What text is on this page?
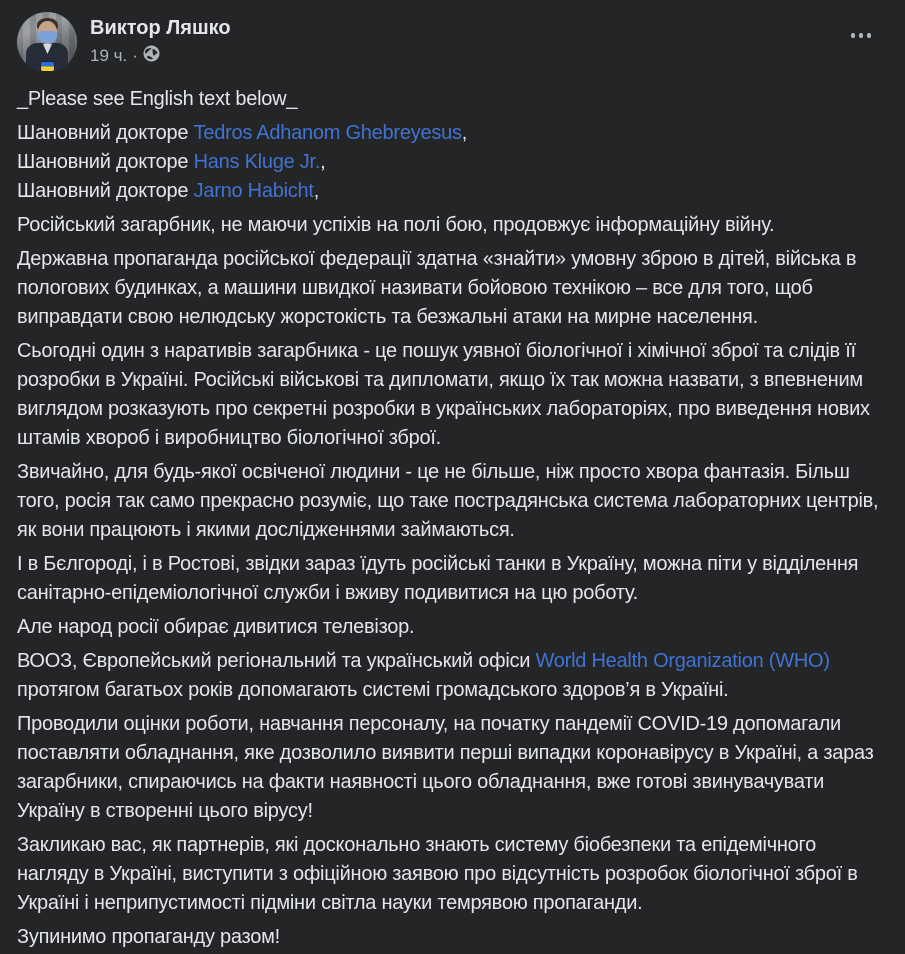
Виктор Ляшко
19 ч. ·

_Please see English text below_

Шановний докторе Tedros Adhanom Ghebreyesus,
Шановний докторе Hans Kluge Jr.,
Шановний докторе Jarno Habicht,

Російський загарбник, не маючи успіхів на полі бою, продовжує інформаційну війну.

Державна пропаганда російської федерації здатна «знайти» умовну зброю в дітей, війська в пологових будинках, а машини швидкої називати бойовою технікою – все для того, щоб виправдати свою нелюдську жорстокість та безжальні атаки на мирне населення.

Сьогодні один з наративів загарбника - це пошук уявної біологічної і хімічної зброї та слідів її розробки в Україні. Російські військові та дипломати, якщо їх так можна назвати, з впевненим виглядом розказують про секретні розробки в українських лабораторіях, про виведення нових штамів хвороб і виробництво біологічної зброї.

Звичайно, для будь-якої освіченої людини - це не більше, ніж просто хвора фантазія. Більш того, росія так само прекрасно розуміє, що таке пострадянська система лабораторних центрів, як вони працюють і якими дослідженнями займаються.

І в Бєлгороді, і в Ростові, звідки зараз їдуть російські танки в Україну, можна піти у відділення санітарно-епідеміологічної служби і вживу подивитися на цю роботу.

Але народ росії обирає дивитися телевізор.

ВООЗ, Європейський регіональний та український офіси World Health Organization (WHO) протягом багатьох років допомагають системі громадського здоров’я в Україні.

Проводили оцінки роботи, навчання персоналу, на початку пандемії COVID-19 допомагали поставляти обладнання, яке дозволило виявити перші випадки коронавірусу в Україні, а зараз загарбники, спираючись на факти наявності цього обладнання, вже готові звинувачувати Україну в створенні цього вірусу!

Закликаю вас, як партнерів, які досконально знають систему біобезпеки та епідемічного нагляду в Україні, виступити з офіційною заявою про відсутність розробок біологічної зброї в Україні і неприпустимості підміни світла науки темрявою пропаганди.

Зупинимо пропаганду разом!
